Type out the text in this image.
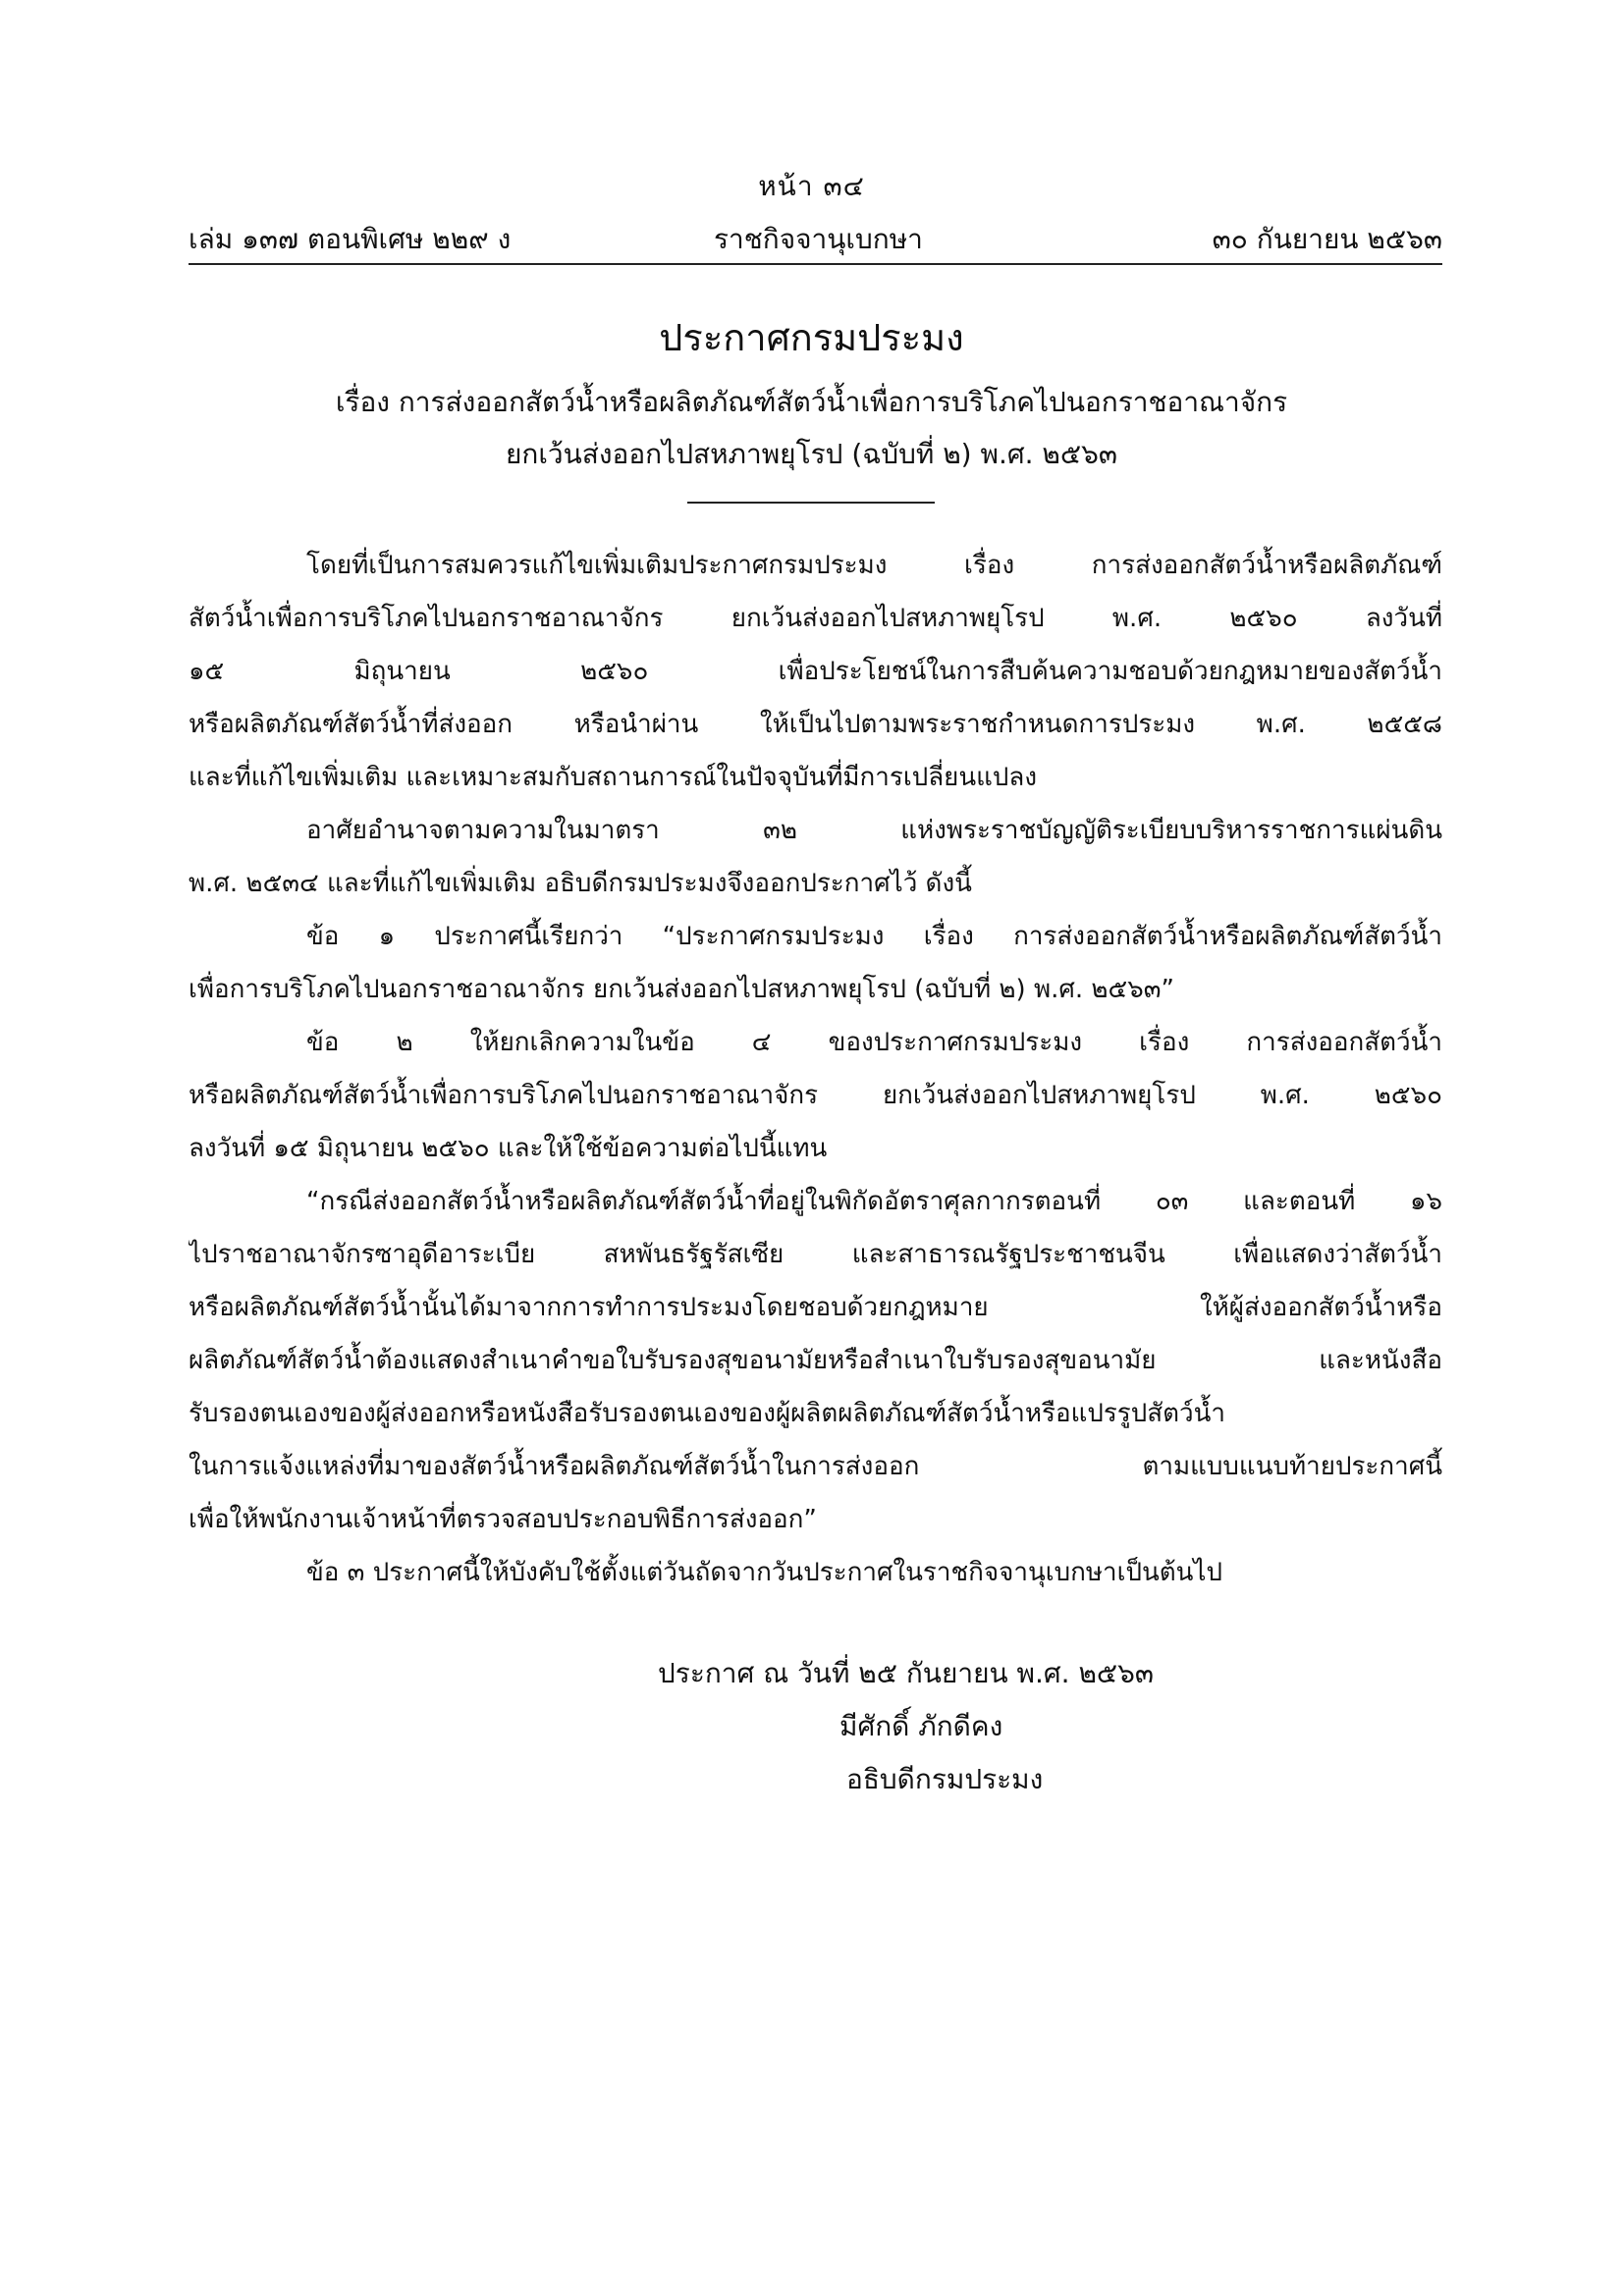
หน้า ๓๔
เล่ม ๑๓๗ ตอนพิเศษ ๒๒๙ ง	ราชกิจจานุเบกษา	๓๐ กันยายน ๒๕๖๓
ประกาศกรมประมง
เรื่อง การส่งออกสัตว์น้ำหรือผลิตภัณฑ์สัตว์น้ำเพื่อการบริโภคไปนอกราชอาณาจักร
ยกเว้นส่งออกไปสหภาพยุโรป (ฉบับที่ ๒) พ.ศ. ๒๕๖๓
โดยที่เป็นการสมควรแก้ไขเพิ่มเติมประกาศกรมประมง เรื่อง การส่งออกสัตว์น้ำหรือผลิตภัณฑ์
สัตว์น้ำเพื่อการบริโภคไปนอกราชอาณาจักร ยกเว้นส่งออกไปสหภาพยุโรป พ.ศ. ๒๕๖๐ ลงวันที่
๑๕ มิถุนายน ๒๕๖๐ เพื่อประโยชน์ในการสืบค้นความชอบด้วยกฎหมายของสัตว์น้ำ
หรือผลิตภัณฑ์สัตว์น้ำที่ส่งออก หรือนำผ่าน ให้เป็นไปตามพระราชกำหนดการประมง พ.ศ. ๒๕๕๘
และที่แก้ไขเพิ่มเติม และเหมาะสมกับสถานการณ์ในปัจจุบันที่มีการเปลี่ยนแปลง
อาศัยอำนาจตามความในมาตรา ๓๒ แห่งพระราชบัญญัติระเบียบบริหารราชการแผ่นดิน
พ.ศ. ๒๕๓๔ และที่แก้ไขเพิ่มเติม อธิบดีกรมประมงจึงออกประกาศไว้ ดังนี้
ข้อ ๑ ประกาศนี้เรียกว่า “ประกาศกรมประมง เรื่อง การส่งออกสัตว์น้ำหรือผลิตภัณฑ์สัตว์น้ำ
เพื่อการบริโภคไปนอกราชอาณาจักร ยกเว้นส่งออกไปสหภาพยุโรป (ฉบับที่ ๒) พ.ศ. ๒๕๖๓”
ข้อ ๒ ให้ยกเลิกความในข้อ ๔ ของประกาศกรมประมง เรื่อง การส่งออกสัตว์น้ำ
หรือผลิตภัณฑ์สัตว์น้ำเพื่อการบริโภคไปนอกราชอาณาจักร ยกเว้นส่งออกไปสหภาพยุโรป พ.ศ. ๒๕๖๐
ลงวันที่ ๑๕ มิถุนายน ๒๕๖๐ และให้ใช้ข้อความต่อไปนี้แทน
“กรณีส่งออกสัตว์น้ำหรือผลิตภัณฑ์สัตว์น้ำที่อยู่ในพิกัดอัตราศุลกากรตอนที่ ๐๓ และตอนที่ ๑๖
ไปราชอาณาจักรซาอุดีอาระเบีย สหพันธรัฐรัสเซีย และสาธารณรัฐประชาชนจีน เพื่อแสดงว่าสัตว์น้ำ
หรือผลิตภัณฑ์สัตว์น้ำนั้นได้มาจากการทำการประมงโดยชอบด้วยกฎหมาย ให้ผู้ส่งออกสัตว์น้ำหรือ
ผลิตภัณฑ์สัตว์น้ำต้องแสดงสำเนาคำขอใบรับรองสุขอนามัยหรือสำเนาใบรับรองสุขอนามัย และหนังสือ
รับรองตนเองของผู้ส่งออกหรือหนังสือรับรองตนเองของผู้ผลิตผลิตภัณฑ์สัตว์น้ำหรือแปรรูปสัตว์น้ำ
ในการแจ้งแหล่งที่มาของสัตว์น้ำหรือผลิตภัณฑ์สัตว์น้ำในการส่งออก ตามแบบแนบท้ายประกาศนี้
เพื่อให้พนักงานเจ้าหน้าที่ตรวจสอบประกอบพิธีการส่งออก”
ข้อ ๓ ประกาศนี้ให้บังคับใช้ตั้งแต่วันถัดจากวันประกาศในราชกิจจานุเบกษาเป็นต้นไป
ประกาศ ณ วันที่ ๒๕ กันยายน พ.ศ. ๒๕๖๓
มีศักดิ์ ภักดีคง
อธิบดีกรมประมง
